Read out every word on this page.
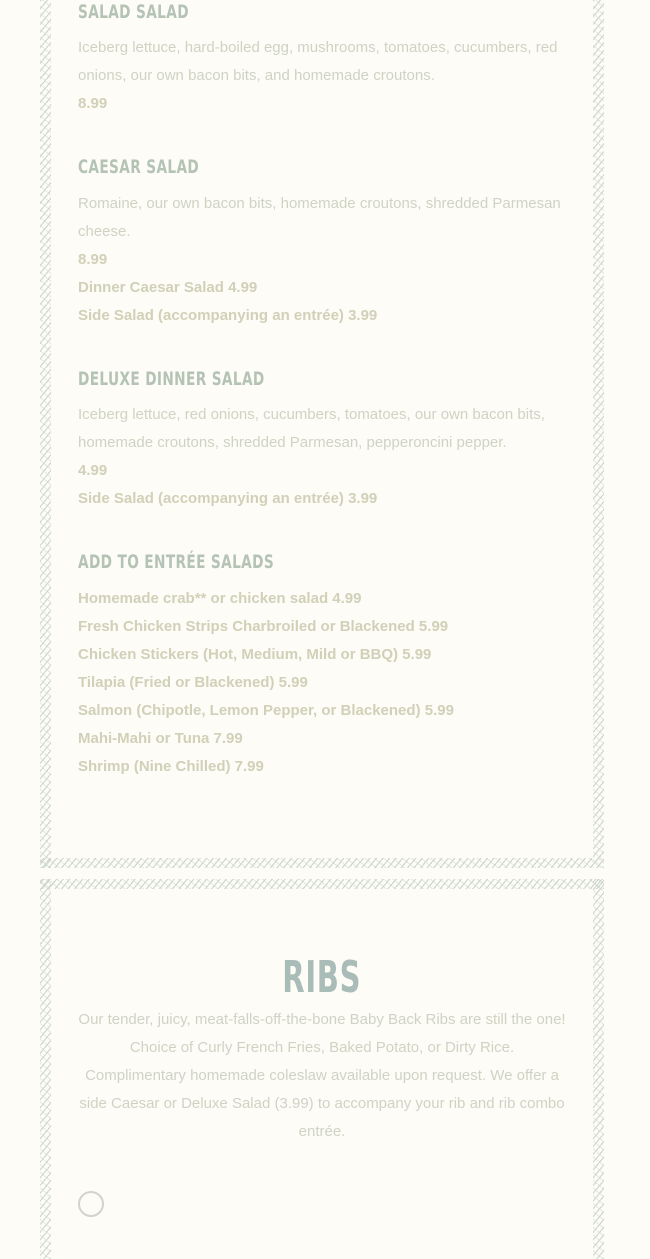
SALAD SALAD

Iceberg lettuce, hard-boiled egg, mushrooms, tomatoes, cucumbers, red onions, our own bacon bits, and homemade croutons.

8.99

CAESAR SALAD

Romaine, our own bacon bits, homemade croutons, shredded Parmesan cheese.

8.99

Dinner Caesar Salad 4.99

Side Salad (accompanying an entrée) 3.99

DELUXE DINNER SALAD

Iceberg lettuce, red onions, cucumbers, tomatoes, our own bacon bits, homemade croutons, shredded Parmesan, pepperoncini pepper.

4.99

Side Salad (accompanying an entrée) 3.99

ADD TO ENTRÉE SALADS

Homemade crab** or chicken salad 4.99

Fresh Chicken Strips Charbroiled or Blackened 5.99

Chicken Stickers (Hot, Medium, Mild or BBQ) 5.99

Tilapia (Fried or Blackened) 5.99

Salmon (Chipotle, Lemon Pepper, or Blackened) 5.99

Mahi-Mahi or Tuna 7.99

Shrimp (Nine Chilled) 7.99

RIBS

Our tender, juicy, meat-falls-off-the-bone Baby Back Ribs are still the one! Choice of Curly French Fries, Baked Potato, or Dirty Rice. Complimentary homemade coleslaw available upon request. We offer a side Caesar or Deluxe Salad (3.99) to accompany your rib and rib combo entrée.
